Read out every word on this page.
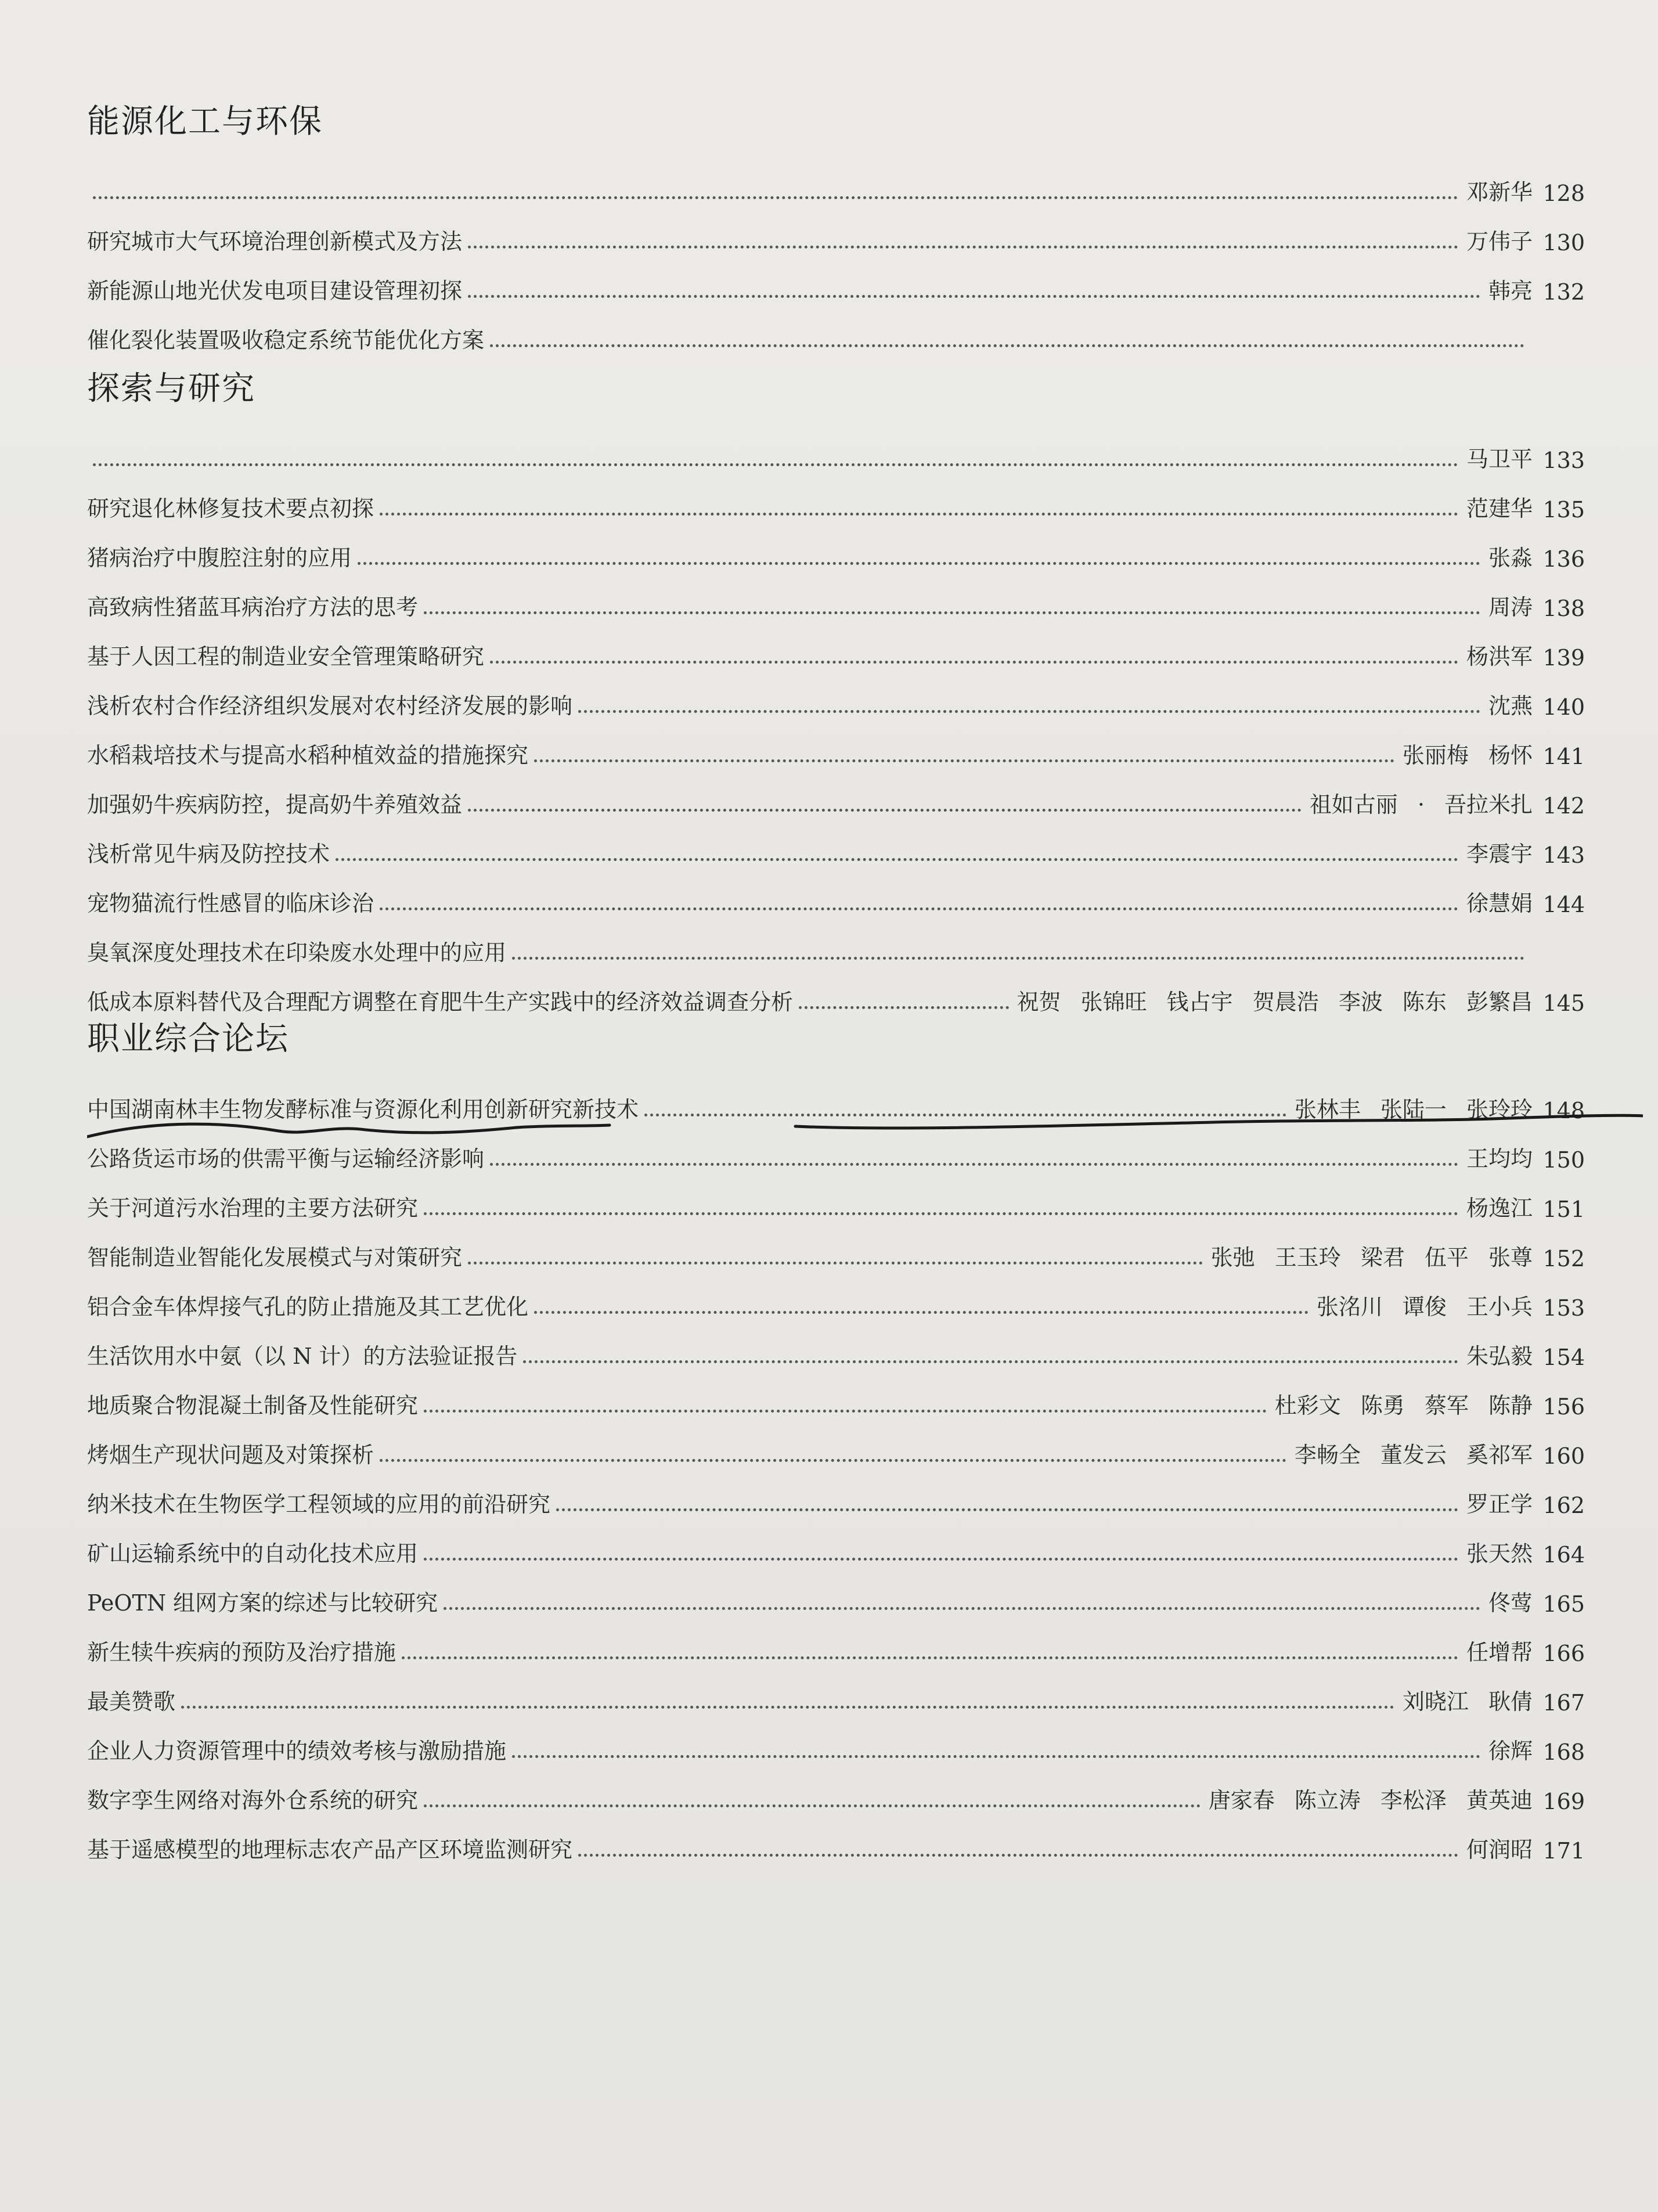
能源化工与环保
邓新华 128
研究城市大气环境治理创新模式及方法	万伟子 130
新能源山地光伏发电项目建设管理初探	韩亮 132
催化裂化装置吸收稳定系统节能优化方案
探索与研究
马卫平 133
研究退化林修复技术要点初探	范建华 135
猪病治疗中腹腔注射的应用	张淼 136
高致病性猪蓝耳病治疗方法的思考	周涛 138
基于人因工程的制造业安全管理策略研究	杨洪军 139
浅析农村合作经济组织发展对农村经济发展的影响	沈燕 140
水稻栽培技术与提高水稻种植效益的措施探究	张丽梅 杨怀 141
加强奶牛疾病防控，提高奶牛养殖效益	祖如古丽 · 吾拉米扎 142
浅析常见牛病及防控技术	李震宇 143
宠物猫流行性感冒的临床诊治	徐慧娟 144
臭氧深度处理技术在印染废水处理中的应用
低成本原料替代及合理配方调整在育肥牛生产实践中的经济效益调查分析	祝贺 张锦旺 钱占宇 贺晨浩 李波 陈东 彭繁昌 145
职业综合论坛
中国湖南林丰生物发酵标准与资源化利用创新研究新技术	张林丰 张陆一 张玲玲 148
公路货运市场的供需平衡与运输经济影响	王均均 150
关于河道污水治理的主要方法研究	杨逸江 151
智能制造业智能化发展模式与对策研究	张弛 王玉玲 梁君 伍平 张尊 152
铝合金车体焊接气孔的防止措施及其工艺优化	张洺川 谭俊 王小兵 153
生活饮用水中氨（以 N 计）的方法验证报告	朱弘毅 154
地质聚合物混凝土制备及性能研究	杜彩文 陈勇 蔡军 陈静 156
烤烟生产现状问题及对策探析	李畅全 董发云 奚祁军 160
纳米技术在生物医学工程领域的应用的前沿研究	罗正学 162
矿山运输系统中的自动化技术应用	张天然 164
PeOTN 组网方案的综述与比较研究	佟莺 165
新生犊牛疾病的预防及治疗措施	任增帮 166
最美赞歌	刘晓江 耿倩 167
企业人力资源管理中的绩效考核与激励措施	徐辉 168
数字孪生网络对海外仓系统的研究	唐家春 陈立涛 李松泽 黄英迪 169
基于遥感模型的地理标志农产品产区环境监测研究	何润昭 171
